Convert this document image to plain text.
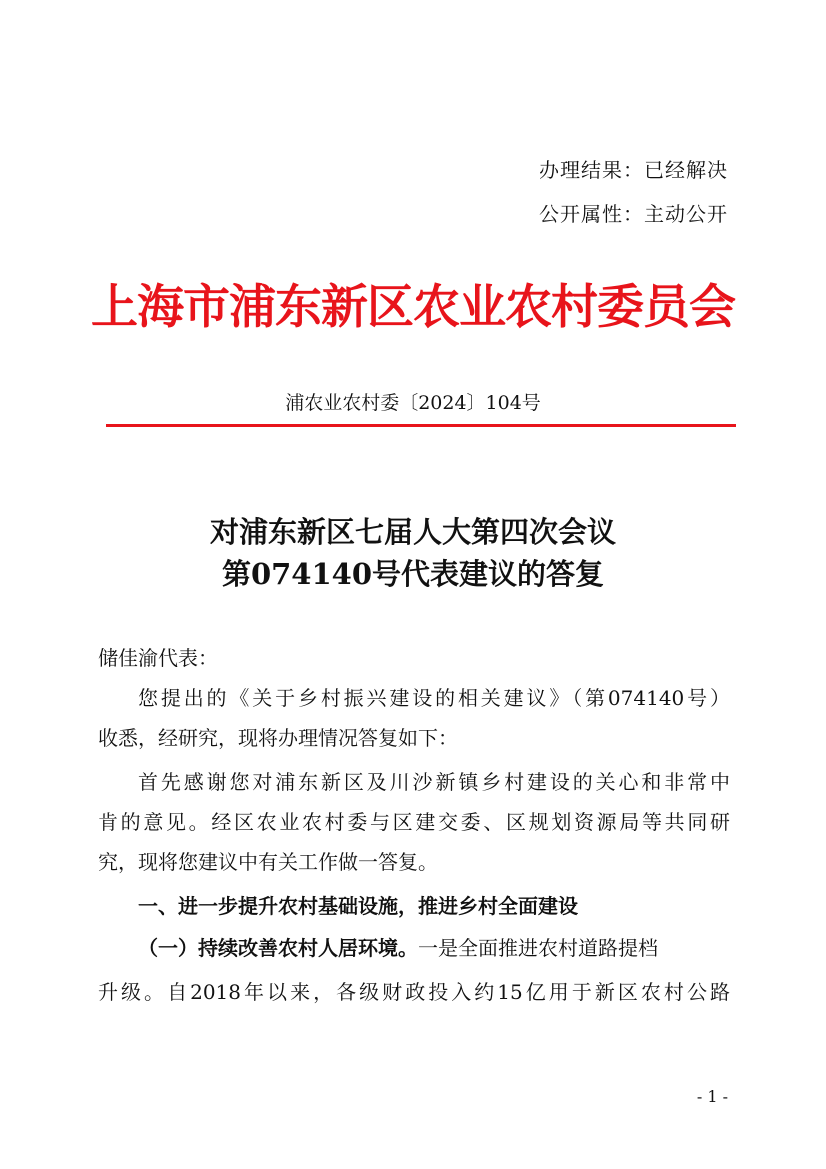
办理结果：已经解决
公开属性：主动公开
上海市浦东新区农业农村委员会
浦农业农村委〔2024〕104号
对浦东新区七届人大第四次会议
第074140号代表建议的答复
储佳渝代表：
您提出的《关于乡村振兴建设的相关建议》（第074140号）
收悉，经研究，现将办理情况答复如下：
首先感谢您对浦东新区及川沙新镇乡村建设的关心和非常中
肯的意见。经区农业农村委与区建交委、区规划资源局等共同研
究，现将您建议中有关工作做一答复。
一、进一步提升农村基础设施，推进乡村全面建设
（一）持续改善农村人居环境。一是全面推进农村道路提档
升级。自2018年以来，各级财政投入约15亿用于新区农村公路
- 1 -
